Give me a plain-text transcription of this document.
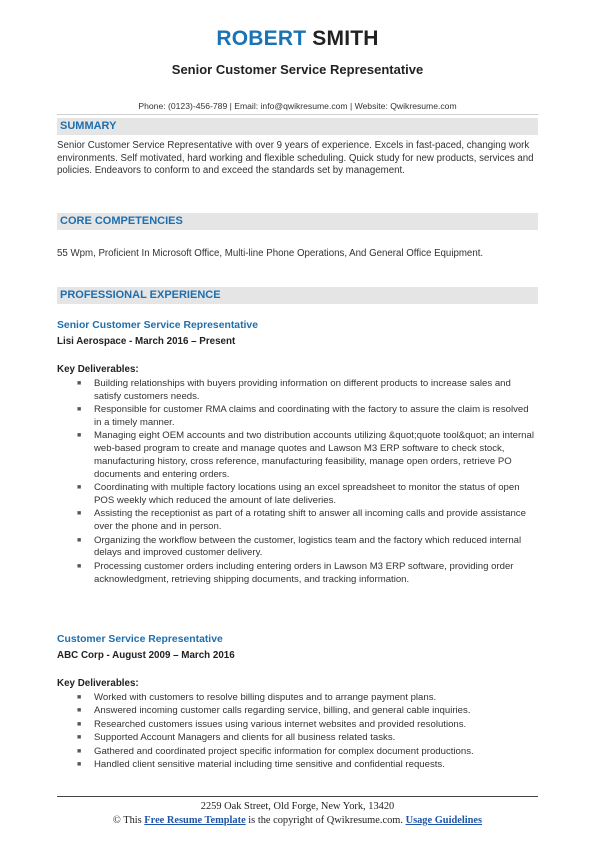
ROBERT SMITH
Senior Customer Service Representative
Phone: (0123)-456-789 | Email: info@qwikresume.com | Website: Qwikresume.com
SUMMARY
Senior Customer Service Representative with over 9 years of experience. Excels in fast-paced, changing work environments. Self motivated, hard working and flexible scheduling. Quick study for new products, services and policies. Endeavors to conform to and exceed the standards set by management.
CORE COMPETENCIES
55 Wpm, Proficient In Microsoft Office, Multi-line Phone Operations, And General Office Equipment.
PROFESSIONAL EXPERIENCE
Senior Customer Service Representative
Lisi Aerospace - March 2016 – Present
Key Deliverables:
■ Building relationships with buyers providing information on different products to increase sales and satisfy customers needs.
■ Responsible for customer RMA claims and coordinating with the factory to assure the claim is resolved in a timely manner.
■ Managing eight OEM accounts and two distribution accounts utilizing &quot;quote tool&quot; an internal web-based program to create and manage quotes and Lawson M3 ERP software to check stock, manufacturing history, cross reference, manufacturing feasibility, manage open orders, retrieve PO documents and entering orders.
■ Coordinating with multiple factory locations using an excel spreadsheet to monitor the status of open POS weekly which reduced the amount of late deliveries.
■ Assisting the receptionist as part of a rotating shift to answer all incoming calls and provide assistance over the phone and in person.
■ Organizing the workflow between the customer, logistics team and the factory which reduced internal delays and improved customer delivery.
■ Processing customer orders including entering orders in Lawson M3 ERP software, providing order acknowledgment, retrieving shipping documents, and tracking information.
Customer Service Representative
ABC Corp - August 2009 – March 2016
Key Deliverables:
■ Worked with customers to resolve billing disputes and to arrange payment plans.
■ Answered incoming customer calls regarding service, billing, and general cable inquiries.
■ Researched customers issues using various internet websites and provided resolutions.
■ Supported Account Managers and clients for all business related tasks.
■ Gathered and coordinated project specific information for complex document productions.
■ Handled client sensitive material including time sensitive and confidential requests.
2259 Oak Street, Old Forge, New York, 13420
© This Free Resume Template is the copyright of Qwikresume.com. Usage Guidelines
